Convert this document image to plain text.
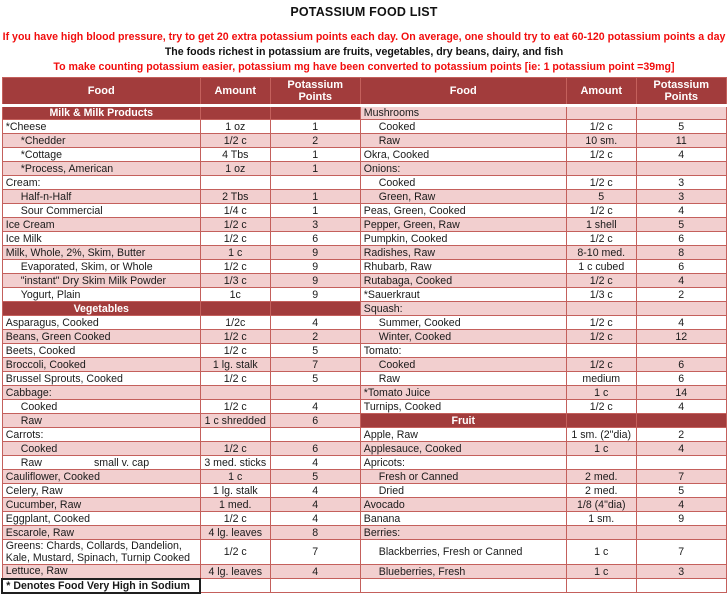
POTASSIUM FOOD LIST
If you have high blood pressure, try to get 20 extra potassium points each day. On average, one should try to eat 60-120 potassium points a day
The foods richest in potassium are fruits, vegetables, dry beans, dairy, and fish
To make counting potassium easier, potassium mg have been converted to potassium points [ie: 1 potassium point =39mg]
Food	Amount	Potassium Points	Food	Amount	Potassium Points
Milk & Milk Products			Mushrooms		
*Cheese	1 oz	1	Cooked	1/2 c	5
*Chedder	1/2 c	2	Raw	10 sm.	11
*Cottage	4 Tbs	1	Okra, Cooked	1/2 c	4
*Process, American	1 oz	1	Onions:		
Cream:			Cooked	1/2 c	3
Half-n-Half	2 Tbs	1	Green, Raw	5	3
Sour Commercial	1/4 c	1	Peas, Green, Cooked	1/2 c	4
Ice Cream	1/2 c	3	Pepper, Green, Raw	1 shell	5
Ice Milk	1/2 c	6	Pumpkin, Cooked	1/2 c	6
Milk, Whole, 2%, Skim, Butter	1 c	9	Radishes, Raw	8-10 med.	8
Evaporated, Skim, or Whole	1/2 c	9	Rhubarb, Raw	1 c cubed	6
"instant" Dry Skim Milk Powder	1/3 c	9	Rutabaga, Cooked	1/2 c	4
Yogurt, Plain	1c	9	*Sauerkraut	1/3 c	2
Vegetables			Squash:		
Asparagus, Cooked	1/2c	4	Summer, Cooked	1/2 c	4
Beans, Green Cooked	1/2 c	2	Winter, Cooked	1/2 c	12
Beets, Cooked	1/2 c	5	Tomato:		
Broccoli, Cooked	1 lg. stalk	7	Cooked	1/2 c	6
Brussel Sprouts, Cooked	1/2 c	5	Raw	medium	6
Cabbage:			*Tomato Juice	1 c	14
Cooked	1/2 c	4	Turnips, Cooked	1/2 c	4
Raw	1 c shredded	6	Fruit		
Carrots:			Apple, Raw	1 sm. (2"dia)	2
Cooked	1/2 c	6	Applesauce, Cooked	1 c	4
Raw small v. cap	3 med. sticks	4	Apricots:		
Cauliflower, Cooked	1 c	5	Fresh or Canned	2 med.	7
Celery, Raw	1 lg. stalk	4	Dried	2 med.	5
Cucumber, Raw	1 med.	4	Avocado	1/8 (4"dia)	4
Eggplant, Cooked	1/2 c	4	Banana	1 sm.	9
Escarole, Raw	4 lg. leaves	8	Berries:		
Greens: Chards, Collards, Dandelion, Kale, Mustard, Spinach, Turnip Cooked	1/2 c	7	Blackberries, Fresh or Canned	1 c	7
Lettuce, Raw	4 lg. leaves	4	Blueberries, Fresh	1 c	3
* Denotes Food Very High in Sodium					
